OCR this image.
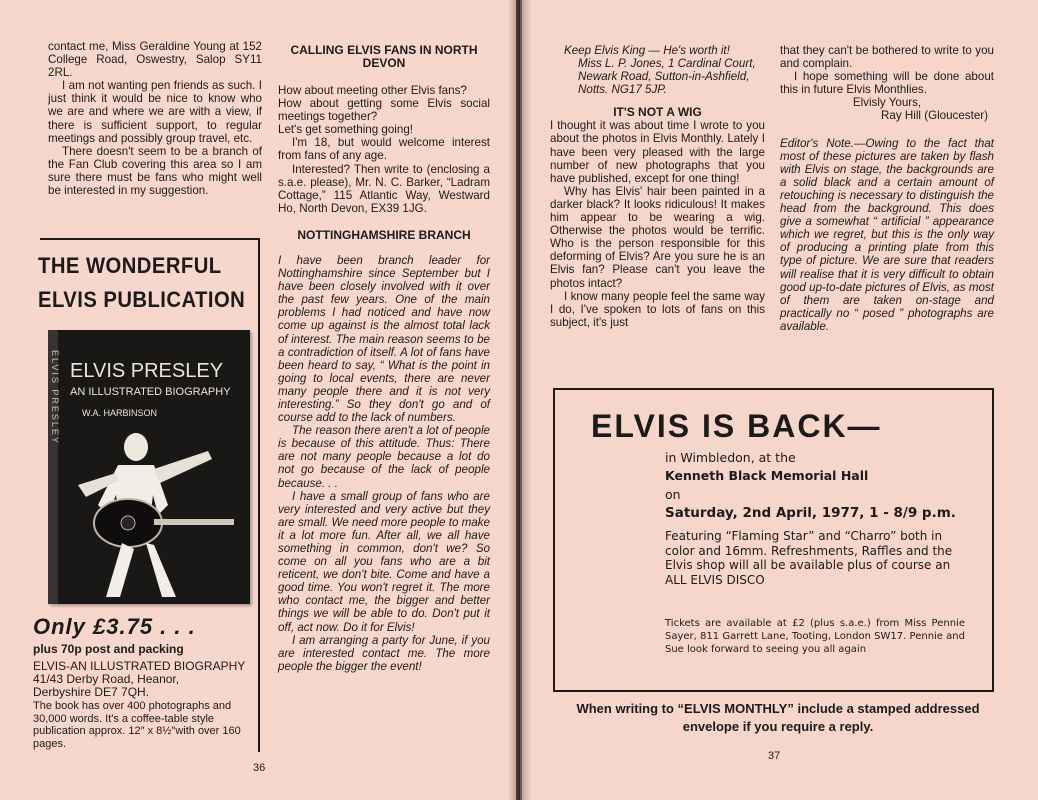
contact me, Miss Geraldine Young at 152 College Road, Oswestry, Salop SY11 2RL.

I am not wanting pen friends as such. I just think it would be nice to know who we are and where we are with a view, if there is sufficient support, to regular meetings and possibly group travel, etc.

There doesn't seem to be a branch of the Fan Club covering this area so I am sure there must be fans who might well be interested in my suggestion.

THE WONDERFUL
ELVIS PUBLICATION
ELVIS PRESLEY ELVIS PRESLEY
AN ILLUSTRATED BIOGRAPHY
W.A. HARBINSON
Only £3.75 . . .
plus 70p post and packing
ELVIS-AN ILLUSTRATED BIOGRAPHY
41/43 Derby Road, Heanor,
Derbyshire DE7 7QH.
The book has over 400 photographs and 30,000 words. It's a coffee-table style publication approx. 12″ x 8½″with over 160 pages.
CALLING ELVIS FANS IN NORTH DEVON

How about meeting other Elvis fans?

How about getting some Elvis social meetings together?

Let's get something going!

I'm 18, but would welcome interest from fans of any age.

Interested? Then write to (enclosing a s.a.e. please), Mr. N. C. Barker, “Ladram Cottage,” 115 Atlantic Way, Westward Ho, North Devon, EX39 1JG.

NOTTINGHAMSHIRE BRANCH

I have been branch leader for Nottinghamshire since September but I have been closely involved with it over the past few years. One of the main problems I had noticed and have now come up against is the almost total lack of interest. The main reason seems to be a contradiction of itself. A lot of fans have been heard to say, “ What is the point in going to local events, there are never many people there and it is not very interesting.” So they don't go and of course add to the lack of numbers.

The reason there aren't a lot of people is because of this attitude. Thus: There are not many people because a lot do not go because of the lack of people because. . .

I have a small group of fans who are very interested and very active but they are small. We need more people to make it a lot more fun. After all, we all have something in common, don't we? So come on all you fans who are a bit reticent, we don't bite. Come and have a good time. You won't regret it. The more who contact me, the bigger and better things we will be able to do. Don't put it off, act now. Do it for Elvis!

I am arranging a party for June, if you are interested contact me. The more people the bigger the event!

36

Keep Elvis King — He's worth it!

Miss L. P. Jones, 1 Cardinal Court, Newark Road, Sutton-in-Ashfield, Notts. NG17 5JP.

IT'S NOT A WIG

I thought it was about time I wrote to you about the photos in Elvis Monthly. Lately I have been very pleased with the large number of new photographs that you have published, except for one thing!

Why has Elvis' hair been painted in a darker black? It looks ridiculous! It makes him appear to be wearing a wig. Otherwise the photos would be terrific. Who is the person responsible for this deforming of Elvis? Are you sure he is an Elvis fan? Please can't you leave the photos intact?

I know many people feel the same way I do, I've spoken to lots of fans on this subject, it's just

that they can't be bothered to write to you and complain.

I hope something will be done about this in future Elvis Monthlies.

Elvisly Yours,

Ray Hill (Gloucester)

Editor's Note.—Owing to the fact that most of these pictures are taken by flash with Elvis on stage, the backgrounds are a solid black and a certain amount of retouching is necessary to distinguish the head from the background. This does give a somewhat “ artificial ” appearance which we regret, but this is the only way of producing a printing plate from this type of picture. We are sure that readers will realise that it is very difficult to obtain good up-to-date pictures of Elvis, as most of them are taken on-stage and practically no “ posed ” photographs are available.

ELVIS IS BACK—
in Wimbledon, at the
Kenneth Black Memorial Hall
on
Saturday, 2nd April, 1977, 1 - 8/9 p.m.
Featuring “Flaming Star” and “Charro” both in color and 16mm. Refreshments, Raffles and the Elvis shop will all be available plus of course an ALL ELVIS DISCO
Tickets are available at £2 (plus s.a.e.) from Miss Pennie Sayer, 811 Garrett Lane, Tooting, London SW17. Pennie and Sue look forward to seeing you all again
When writing to “ELVIS MONTHLY” include a stamped addressed envelope if you require a reply.
37
